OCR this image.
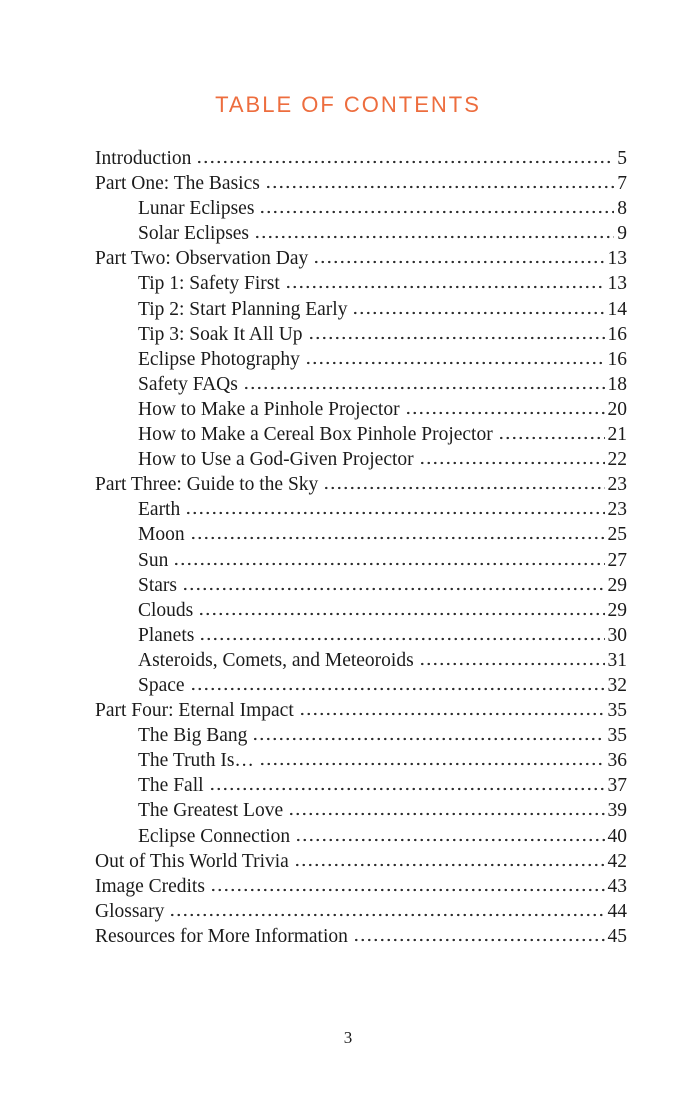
TABLE OF CONTENTS
Introduction	5
Part One: The Basics	7
Lunar Eclipses	8
Solar Eclipses	9
Part Two: Observation Day	13
Tip 1: Safety First	13
Tip 2: Start Planning Early	14
Tip 3: Soak It All Up	16
Eclipse Photography	16
Safety FAQs	18
How to Make a Pinhole Projector	20
How to Make a Cereal Box Pinhole Projector	21
How to Use a God-Given Projector	22
Part Three: Guide to the Sky	23
Earth	23
Moon	25
Sun	27
Stars	29
Clouds	29
Planets	30
Asteroids, Comets, and Meteoroids	31
Space	32
Part Four: Eternal Impact	35
The Big Bang	35
The Truth Is…	36
The Fall	37
The Greatest Love	39
Eclipse Connection	40
Out of This World Trivia	42
Image Credits	43
Glossary	44
Resources for More Information	45
3
